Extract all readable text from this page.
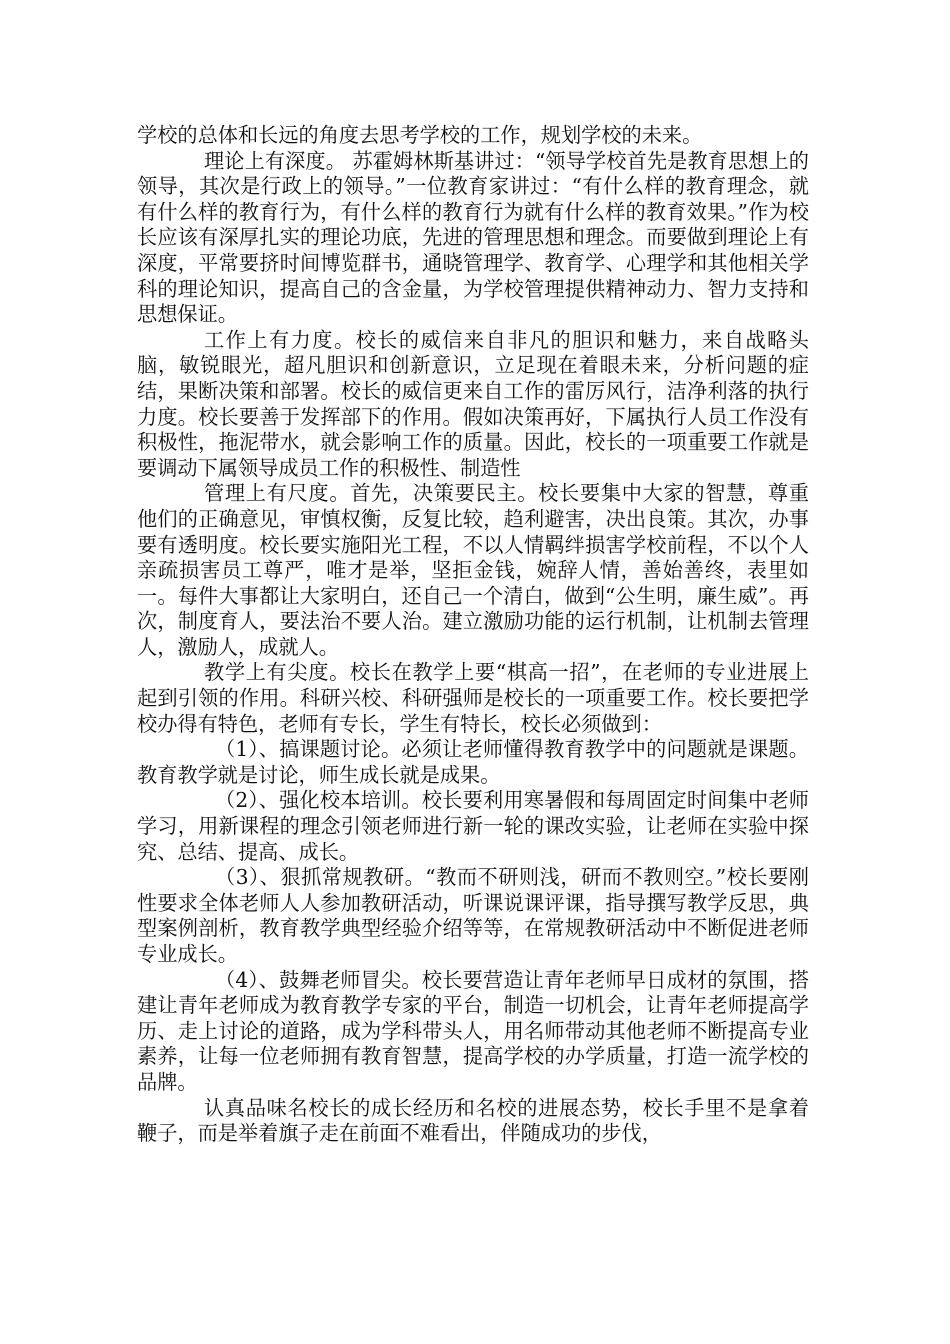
学校的总体和长远的角度去思考学校的工作，规划学校的未来。

理论上有深度。 苏霍姆林斯基讲过：“领导学校首先是教育思想上的领导，其次是行政上的领导。”一位教育家讲过：“有什么样的教育理念，就有什么样的教育行为，有什么样的教育行为就有什么样的教育效果。”作为校长应该有深厚扎实的理论功底，先进的管理思想和理念。而要做到理论上有深度，平常要挤时间博览群书，通晓管理学、教育学、心理学和其他相关学科的理论知识，提高自己的含金量，为学校管理提供精神动力、智力支持和思想保证。

工作上有力度。校长的威信来自非凡的胆识和魅力，来自战略头脑，敏锐眼光，超凡胆识和创新意识，立足现在着眼未来，分析问题的症结，果断决策和部署。校长的威信更来自工作的雷厉风行，洁净利落的执行力度。校长要善于发挥部下的作用。假如决策再好，下属执行人员工作没有积极性，拖泥带水，就会影响工作的质量。因此，校长的一项重要工作就是要调动下属领导成员工作的积极性、制造性

管理上有尺度。首先，决策要民主。校长要集中大家的智慧，尊重他们的正确意见，审慎权衡，反复比较，趋利避害，决出良策。其次，办事要有透明度。校长要实施阳光工程，不以人情羁绊损害学校前程，不以个人亲疏损害员工尊严，唯才是举，坚拒金钱，婉辞人情，善始善终，表里如一。每件大事都让大家明白，还自己一个清白，做到“公生明，廉生威”。再次，制度育人，要法治不要人治。建立激励功能的运行机制，让机制去管理人，激励人，成就人。

教学上有尖度。校长在教学上要“棋高一招”，在老师的专业进展上起到引领的作用。科研兴校、科研强师是校长的一项重要工作。校长要把学校办得有特色，老师有专长，学生有特长，校长必须做到：

（1）、搞课题讨论。必须让老师懂得教育教学中的问题就是课题。教育教学就是讨论，师生成长就是成果。

（2）、强化校本培训。校长要利用寒暑假和每周固定时间集中老师学习，用新课程的理念引领老师进行新一轮的课改实验，让老师在实验中探究、总结、提高、成长。

（3）、狠抓常规教研。“教而不研则浅，研而不教则空。”校长要刚性要求全体老师人人参加教研活动，听课说课评课，指导撰写教学反思，典型案例剖析，教育教学典型经验介绍等等，在常规教研活动中不断促进老师专业成长。

（4）、鼓舞老师冒尖。校长要营造让青年老师早日成材的氛围，搭建让青年老师成为教育教学专家的平台，制造一切机会，让青年老师提高学历、走上讨论的道路，成为学科带头人，用名师带动其他老师不断提高专业素养，让每一位老师拥有教育智慧，提高学校的办学质量，打造一流学校的品牌。

认真品味名校长的成长经历和名校的进展态势，校长手里不是拿着鞭子，而是举着旗子走在前面不难看出，伴随成功的步伐，
